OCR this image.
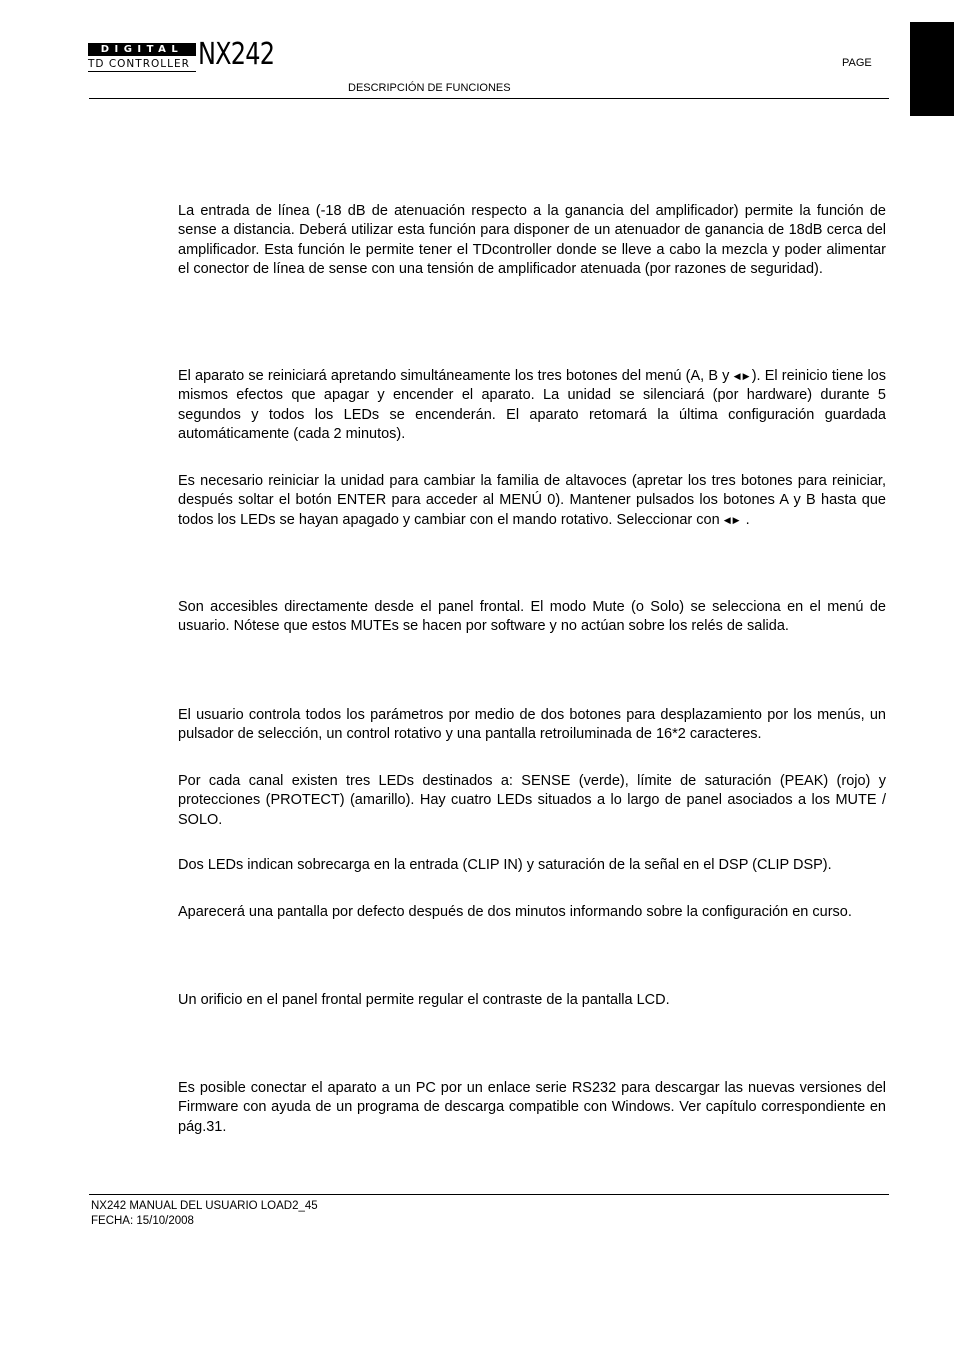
DIGITAL
TD CONTROLLER NX242	PAGE
DESCRIPCIÓN DE FUNCIONES

La entrada de línea (-18 dB de atenuación respecto a la ganancia del amplificador) permite la función de sense a distancia. Deberá utilizar esta función para disponer de un atenuador de ganancia de 18dB cerca del amplificador. Esta función le permite tener el TDcontroller donde se lleve a cabo la mezcla y poder alimentar el conector de línea de sense con una tensión de amplificador atenuada (por razones de seguridad).

El aparato se reiniciará apretando simultáneamente los tres botones del menú (A, B y ◀▶). El reinicio tiene los mismos efectos que apagar y encender el aparato. La unidad se silenciará (por hardware) durante 5 segundos y todos los LEDs se encenderán. El aparato retomará la última configuración guardada automáticamente (cada 2 minutos).

Es necesario reiniciar la unidad para cambiar la familia de altavoces (apretar los tres botones para reiniciar, después soltar el botón ENTER para acceder al MENÚ 0). Mantener pulsados los botones A y B hasta que todos los LEDs se hayan apagado y cambiar con el mando rotativo. Seleccionar con ◀▶ .

Son accesibles directamente desde el panel frontal. El modo Mute (o Solo) se selecciona en el menú de usuario. Nótese que estos MUTEs se hacen por software y no actúan sobre los relés de salida.

El usuario controla todos los parámetros por medio de dos botones para desplazamiento por los menús, un pulsador de selección, un control rotativo y una pantalla retroiluminada de 16*2 caracteres.

Por cada canal existen tres LEDs destinados a: SENSE (verde), límite de saturación (PEAK) (rojo) y protecciones (PROTECT) (amarillo). Hay cuatro LEDs situados a lo largo de panel asociados a los MUTE / SOLO.

Dos LEDs indican sobrecarga en la entrada (CLIP IN) y saturación de la señal en el DSP (CLIP DSP).

Aparecerá una pantalla por defecto después de dos minutos informando sobre la configuración en curso.

Un orificio en el panel frontal permite regular el contraste de la pantalla LCD.

Es posible conectar el aparato a un PC por un enlace serie RS232 para descargar las nuevas versiones del Firmware con ayuda de un programa de descarga compatible con Windows. Ver capítulo correspondiente en pág.31.

NX242 MANUAL DEL USUARIO LOAD2_45
FECHA: 15/10/2008
